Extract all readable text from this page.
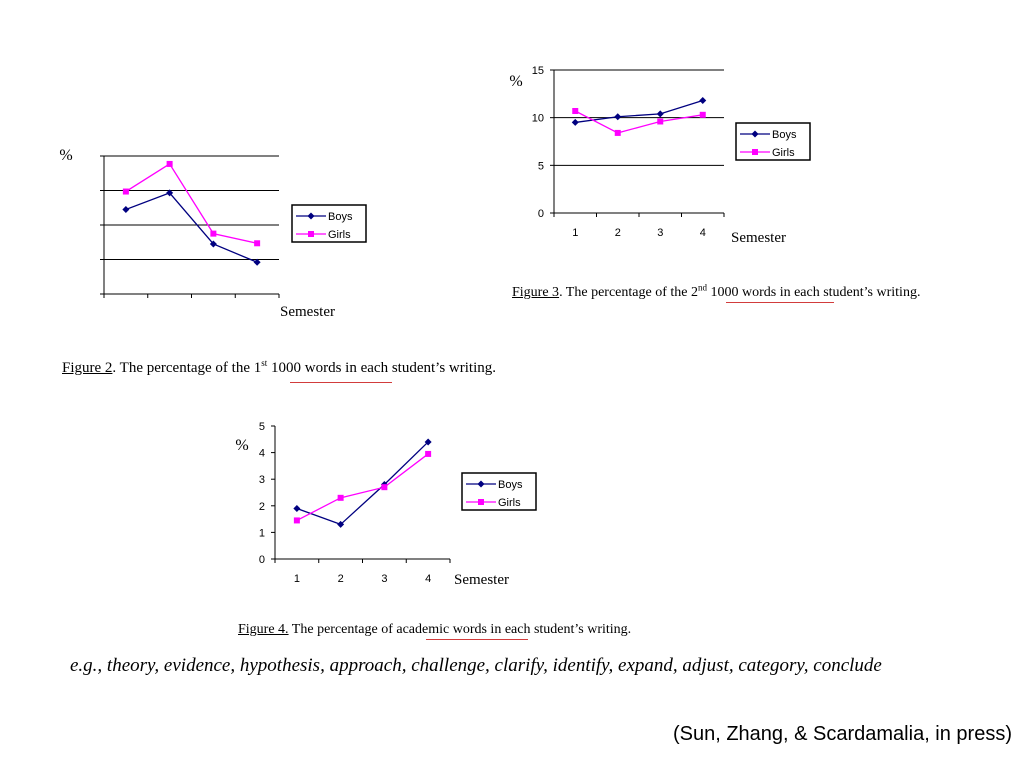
%
Semester
Boys
Girls
0
5
10
15
1	2	3	4
%
Semester
Boys
Girls
0
1
2
3
4
5
1	2	3	4
%
Semester
Boys
Girls
Figure 2. The percentage of the 1st 1000 words in each student’s writing.
Figure 3. The percentage of the 2nd 1000 words in each student’s writing.
Figure 4. The percentage of academic words in each student’s writing.
e.g., theory, evidence, hypothesis, approach, challenge, clarify, identify, expand, adjust, category, conclude
(Sun, Zhang, & Scardamalia, in press)
